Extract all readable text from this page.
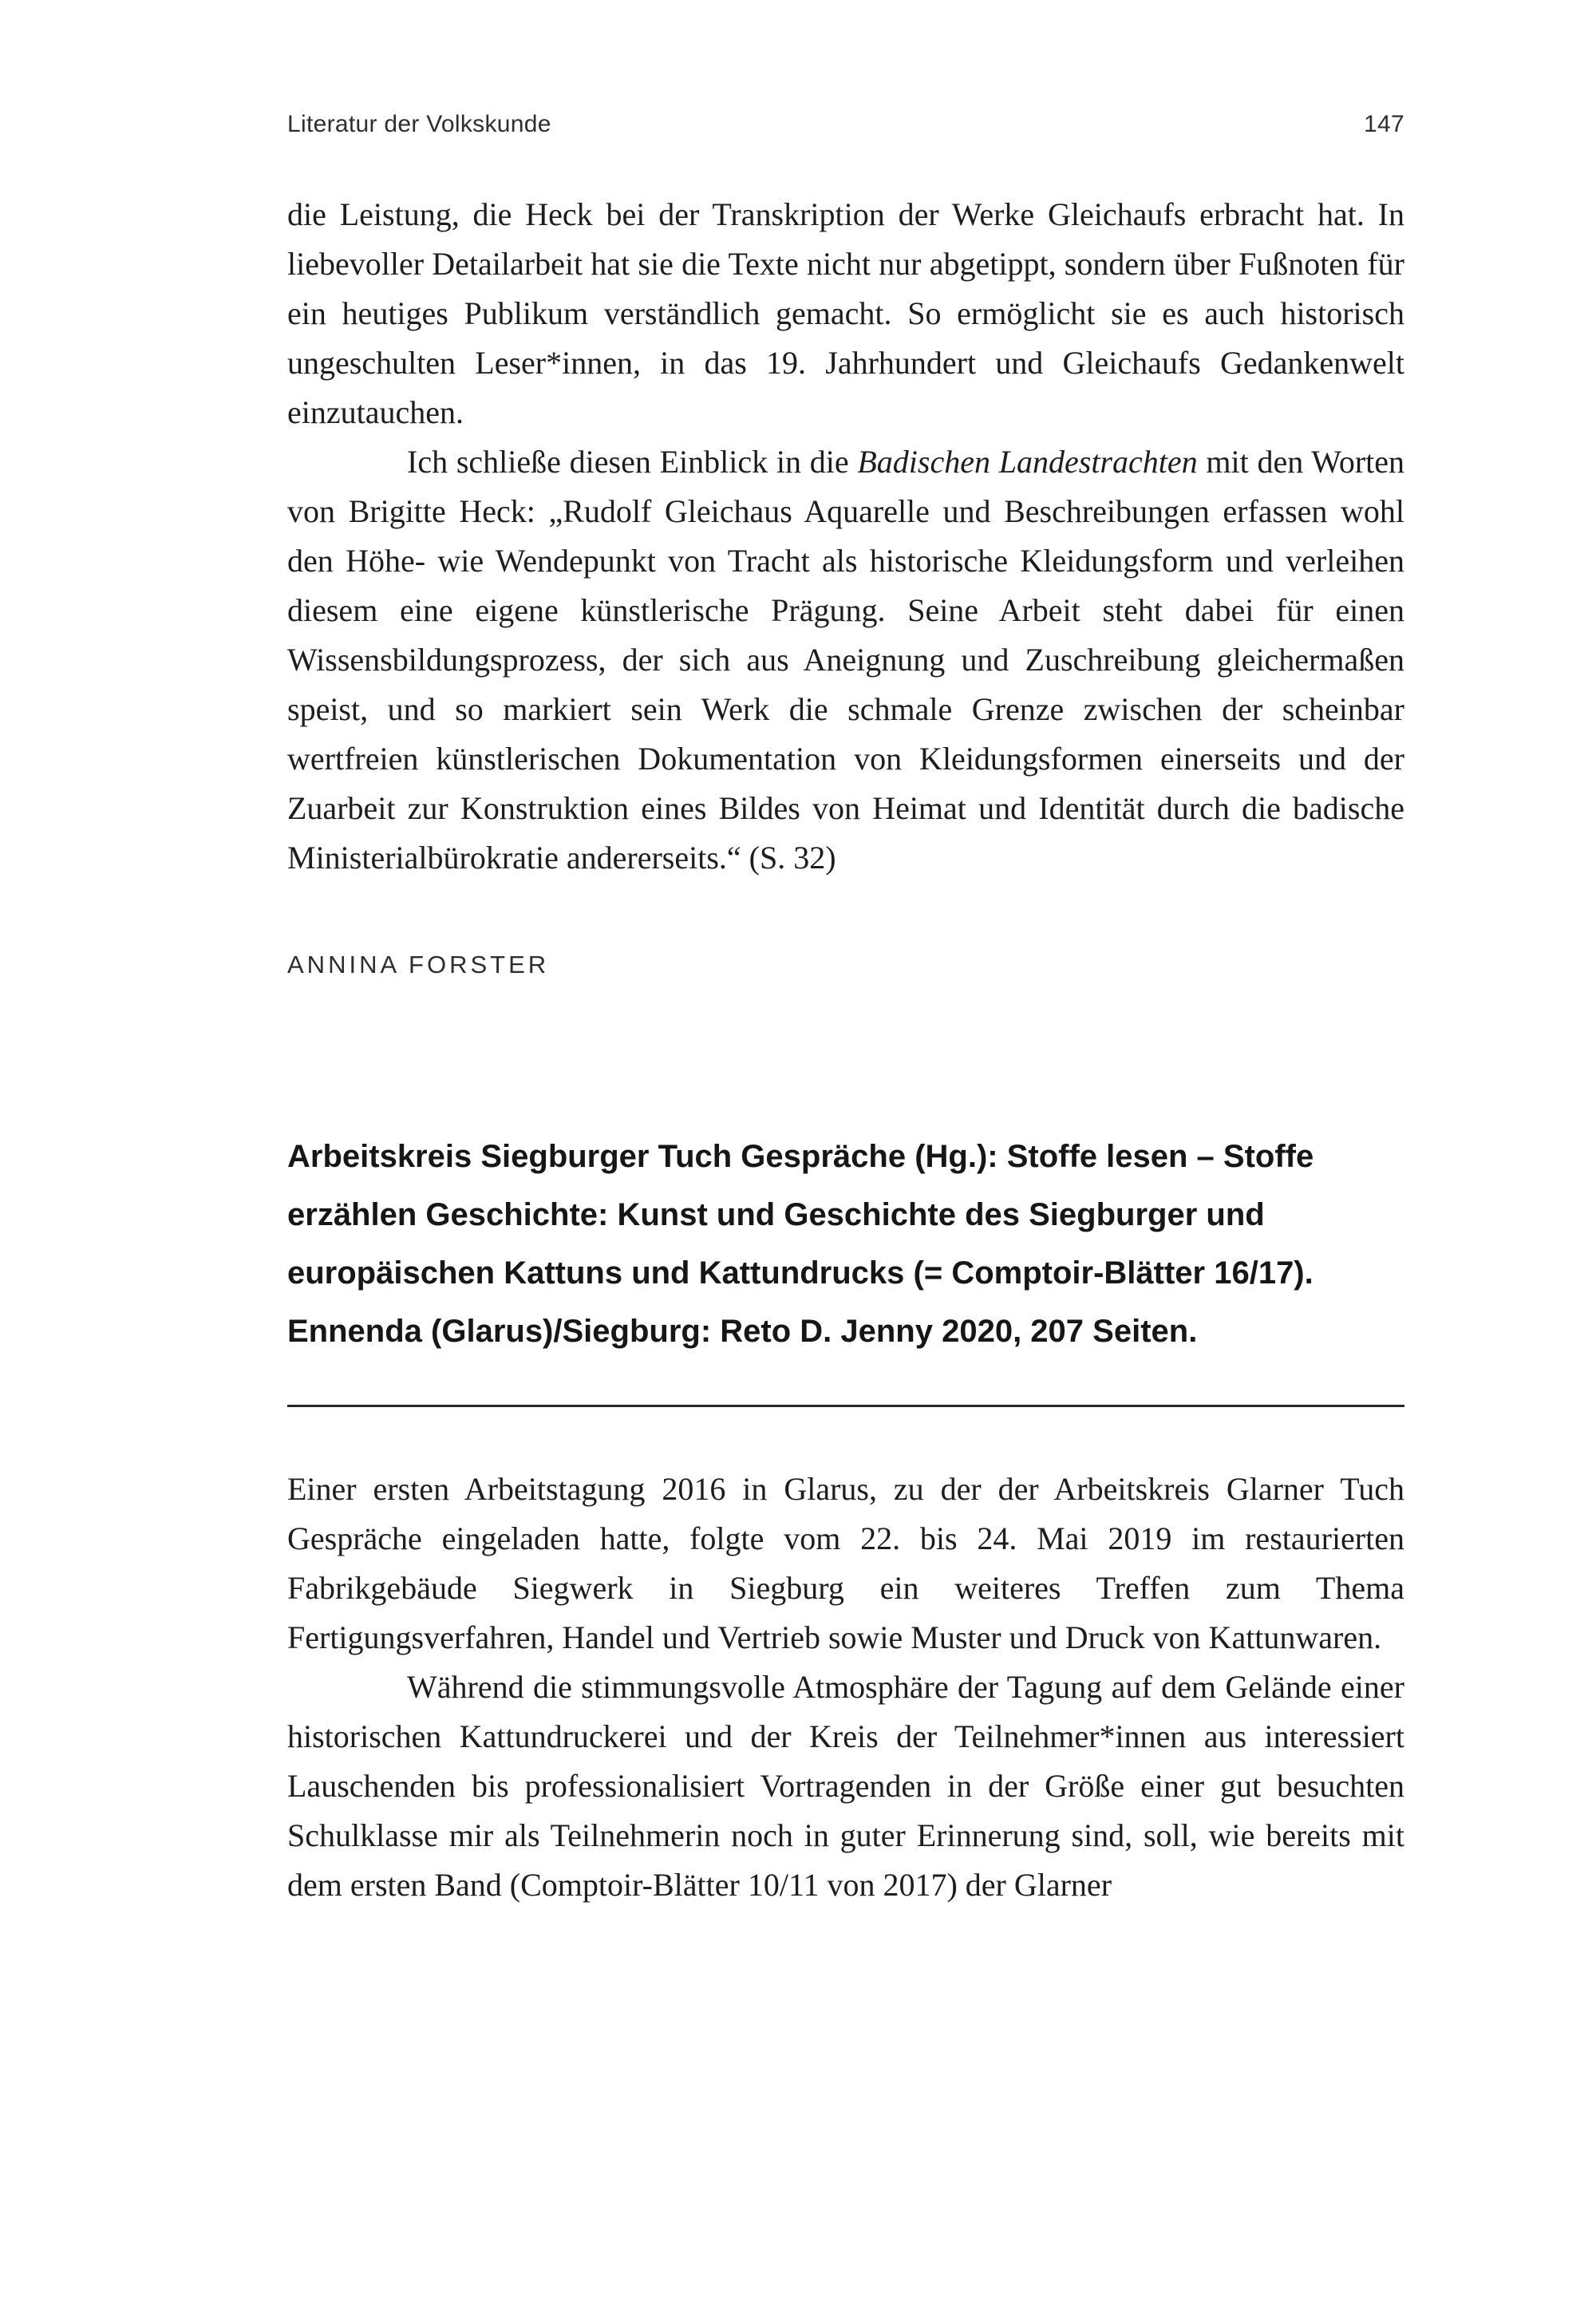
Literatur der Volkskunde	147

die Leistung, die Heck bei der Transkription der Werke Gleichaufs erbracht hat. In liebevoller Detailarbeit hat sie die Texte nicht nur abgetippt, sondern über Fußnoten für ein heutiges Publikum verständlich gemacht. So ermöglicht sie es auch historisch ungeschulten Leser*innen, in das 19. Jahrhundert und Gleichaufs Gedankenwelt einzutauchen.

Ich schließe diesen Einblick in die Badischen Landestrachten mit den Worten von Brigitte Heck: „Rudolf Gleichaus Aquarelle und Beschreibungen erfassen wohl den Höhe- wie Wendepunkt von Tracht als historische Kleidungsform und verleihen diesem eine eigene künstlerische Prägung. Seine Arbeit steht dabei für einen Wissensbildungsprozess, der sich aus Aneignung und Zuschreibung gleichermaßen speist, und so markiert sein Werk die schmale Grenze zwischen der scheinbar wertfreien künstlerischen Dokumentation von Kleidungsformen einerseits und der Zuarbeit zur Konstruktion eines Bildes von Heimat und Identität durch die badische Ministerialbürokratie andererseits.“ (S. 32)

ANNINA FORSTER

Arbeitskreis Siegburger Tuch Gespräche (Hg.): Stoffe lesen – Stoffe erzählen Geschichte: Kunst und Geschichte des Siegburger und europäischen Kattuns und Kattundrucks (= Comptoir-Blätter 16/17). Ennenda (Glarus)/Siegburg: Reto D. Jenny 2020, 207 Seiten.

Einer ersten Arbeitstagung 2016 in Glarus, zu der der Arbeitskreis Glarner Tuch Gespräche eingeladen hatte, folgte vom 22. bis 24. Mai 2019 im restaurierten Fabrikgebäude Siegwerk in Siegburg ein weiteres Treffen zum Thema Fertigungsverfahren, Handel und Vertrieb sowie Muster und Druck von Kattunwaren.

Während die stimmungsvolle Atmosphäre der Tagung auf dem Gelände einer historischen Kattundruckerei und der Kreis der Teilnehmer*innen aus interessiert Lauschenden bis professionalisiert Vortragenden in der Größe einer gut besuchten Schulklasse mir als Teilnehmerin noch in guter Erinnerung sind, soll, wie bereits mit dem ersten Band (Comptoir-Blätter 10/11 von 2017) der Glarner
